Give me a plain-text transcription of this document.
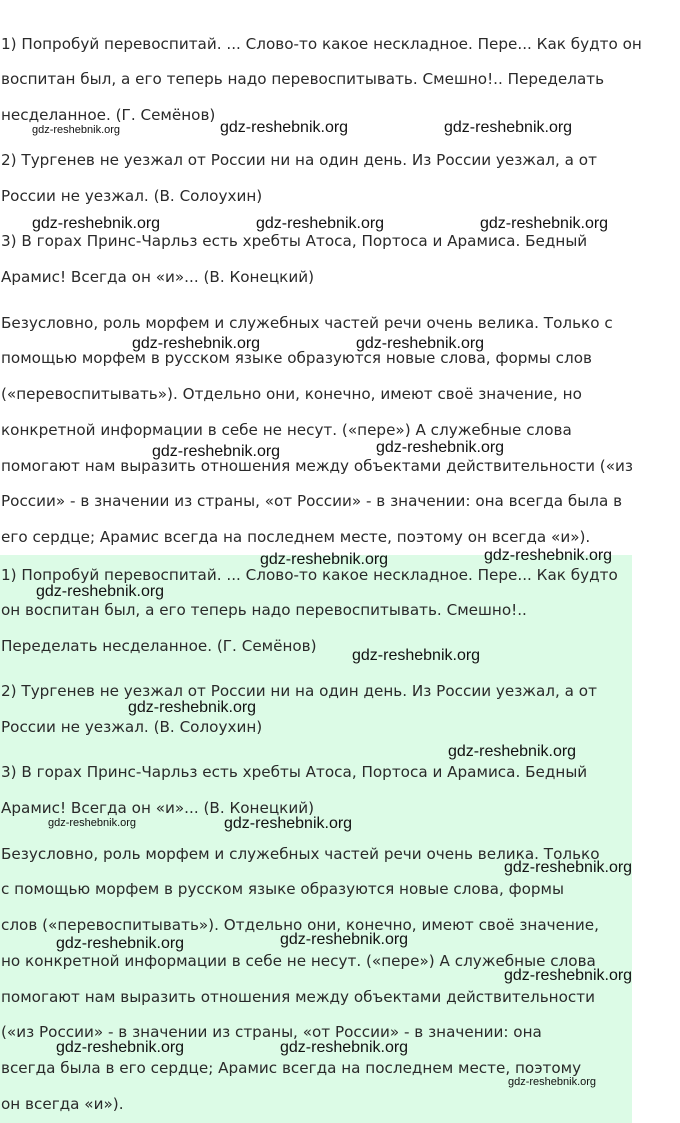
1) Попробуй перевоспитай. ... Слово-то какое нескладное. Пере... Как будто он
воспитан был, а его теперь надо перевоспитывать. Смешно!.. Переделать
несделанное. (Г. Семёнов)
2) Тургенев не уезжал от России ни на один день. Из России уезжал, а от
России не уезжал. (В. Солоухин)
3) В горах Принс-Чарльз есть хребты Атоса, Портоса и Арамиса. Бедный
Арамис! Всегда он «и»... (В. Конецкий)
Безусловно, роль морфем и служебных частей речи очень велика. Только с
помощью морфем в русском языке образуются новые слова, формы слов
(«перевоспитывать»). Отдельно они, конечно, имеют своё значение, но
конкретной информации в себе не несут. («пере») А служебные слова
помогают нам выразить отношения между объектами действительности («из
России» - в значении из страны, «от России» - в значении: она всегда была в
его сердце; Арамис всегда на последнем месте, поэтому он всегда «и»).
1) Попробуй перевоспитай. ... Слово-то какое нескладное. Пере... Как будто
он воспитан был, а его теперь надо перевоспитывать. Смешно!..
Переделать несделанное. (Г. Семёнов)
2) Тургенев не уезжал от России ни на один день. Из России уезжал, а от
России не уезжал. (В. Солоухин)
3) В горах Принс-Чарльз есть хребты Атоса, Портоса и Арамиса. Бедный
Арамис! Всегда он «и»... (В. Конецкий)
Безусловно, роль морфем и служебных частей речи очень велика. Только
с помощью морфем в русском языке образуются новые слова, формы
слов («перевоспитывать»). Отдельно они, конечно, имеют своё значение,
но конкретной информации в себе не несут. («пере») А служебные слова
помогают нам выразить отношения между объектами действительности
(«из России» - в значении из страны, «от России» - в значении: она
всегда была в его сердце; Арамис всегда на последнем месте, поэтому
он всегда «и»).
gdz-reshebnik.org	gdz-reshebnik.org	gdz-reshebnik.org
gdz-reshebnik.org	gdz-reshebnik.org	gdz-reshebnik.org
gdz-reshebnik.org	gdz-reshebnik.org
gdz-reshebnik.org	gdz-reshebnik.org
gdz-reshebnik.org	gdz-reshebnik.org
gdz-reshebnik.org
gdz-reshebnik.org
gdz-reshebnik.org
gdz-reshebnik.org
gdz-reshebnik.org	gdz-reshebnik.org
gdz-reshebnik.org
gdz-reshebnik.org
gdz-reshebnik.org
gdz-reshebnik.org
gdz-reshebnik.org	gdz-reshebnik.org
gdz-reshebnik.org
